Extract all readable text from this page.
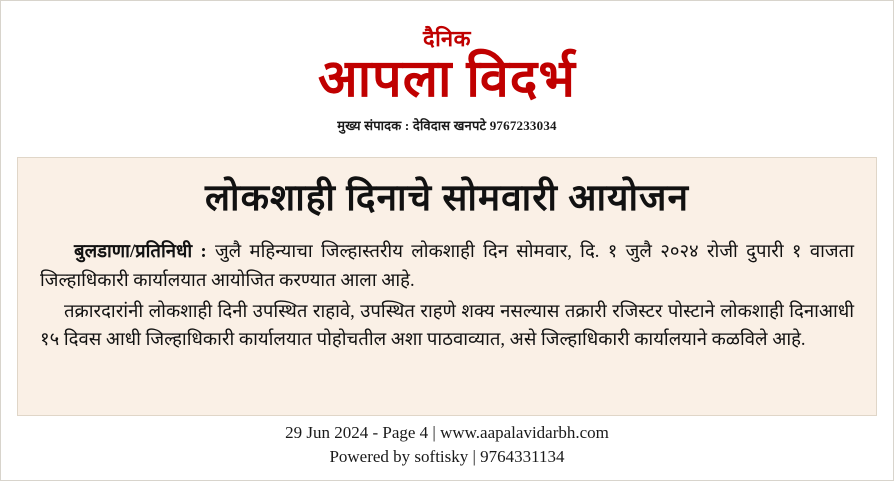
दैनिक
आपला विदर्भ
मुख्य संपादक : देविदास खनपटे 9767233034
लोकशाही दिनाचे सोमवारी आयोजन

बुलडाणा/प्रतिनिधी : जुलै महिन्याचा जिल्हास्तरीय लोकशाही दिन सोमवार, दि. १ जुलै २०२४ रोजी दुपारी १ वाजता जिल्हाधिकारी कार्यालयात आयोजित करण्यात आला आहे.

तक्रारदारांनी लोकशाही दिनी उपस्थित राहावे, उपस्थित राहणे शक्य नसल्यास तक्रारी रजिस्टर पोस्टाने लोकशाही दिनाआधी १५ दिवस आधी जिल्हाधिकारी कार्यालयात पोहोचतील अशा पाठवाव्यात, असे जिल्हाधिकारी कार्यालयाने कळविले आहे.

29 Jun 2024 - Page 4 | www.aapalavidarbh.com
Powered by softisky | 9764331134
